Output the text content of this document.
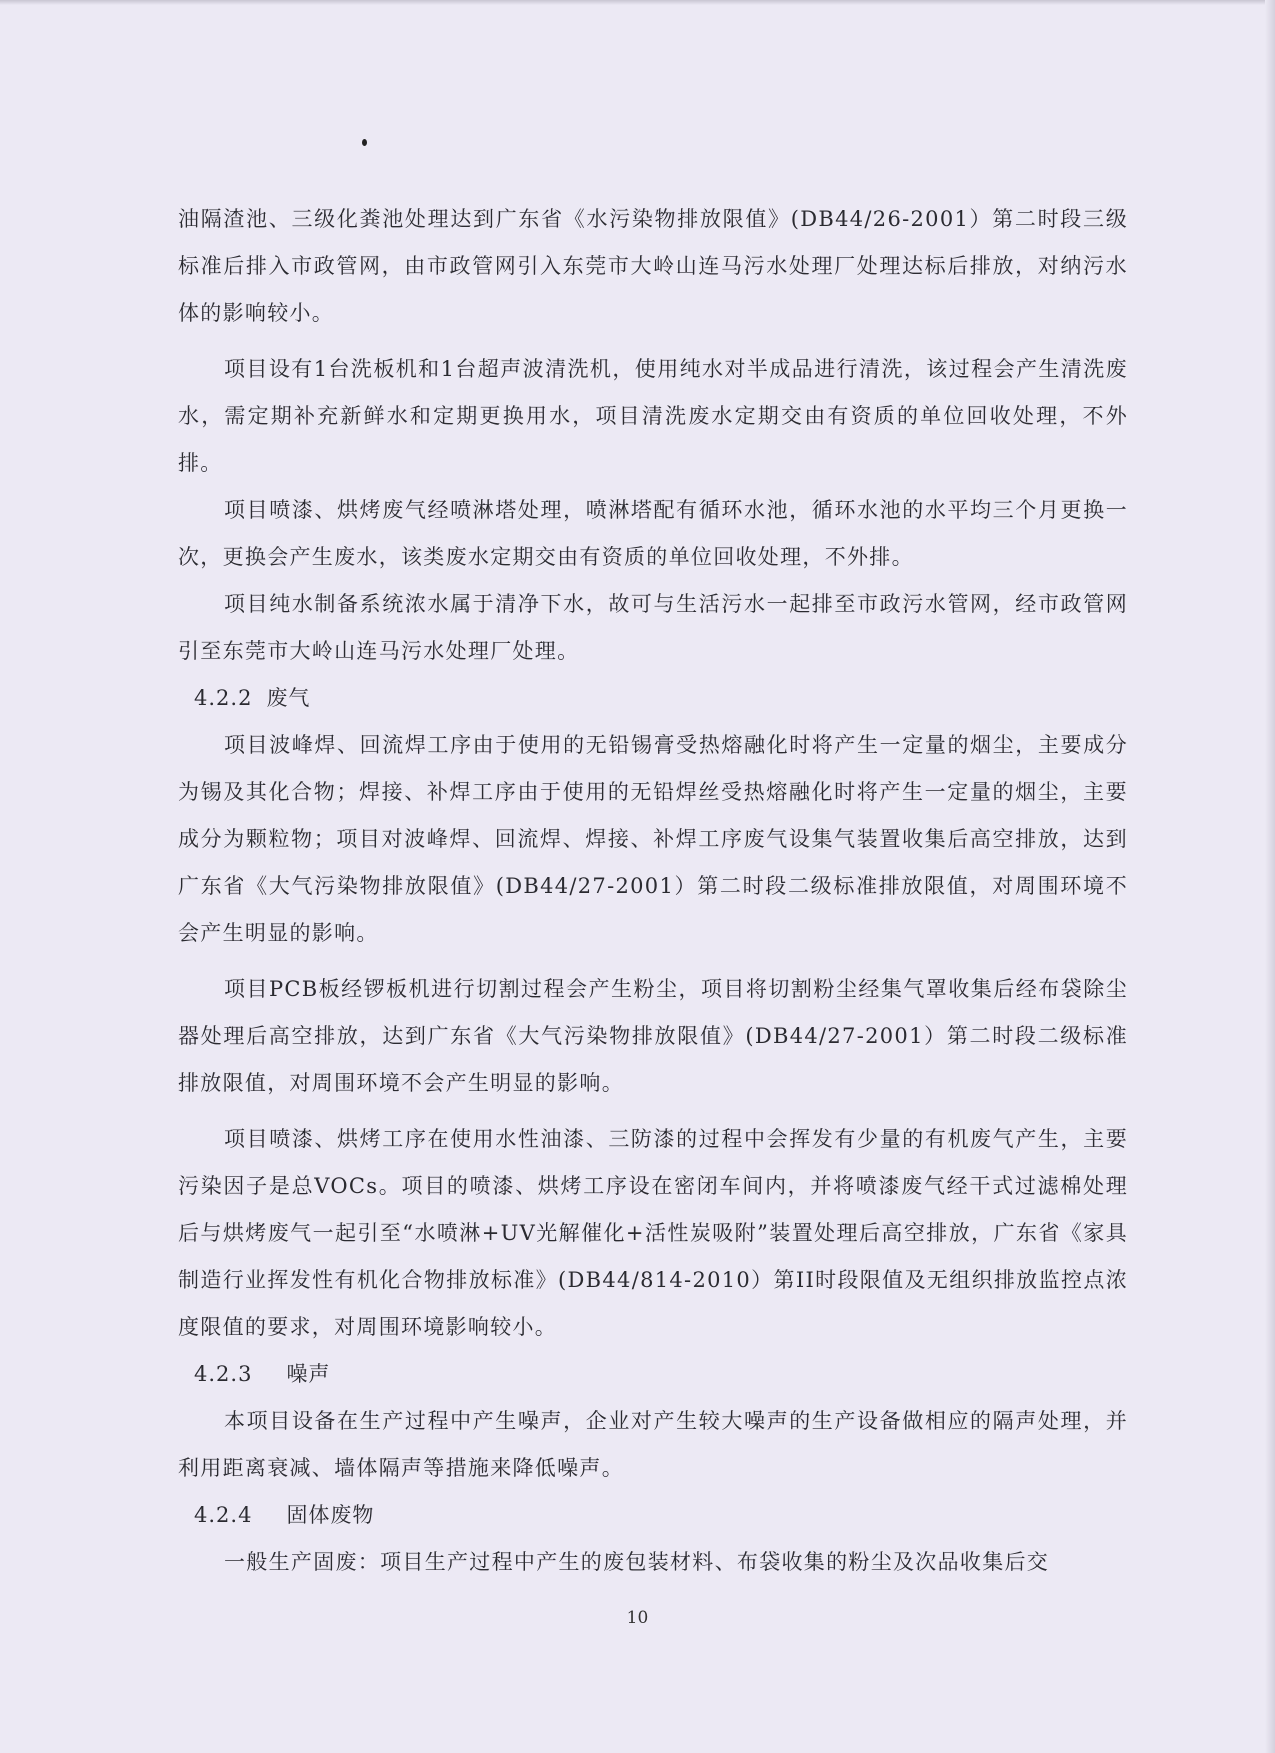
油隔渣池、三级化粪池处理达到广东省《水污染物排放限值》(DB44/26-2001）第二时段三级标准后排入市政管网，由市政管网引入东莞市大岭山连马污水处理厂处理达标后排放，对纳污水体的影响较小。

项目设有1台洗板机和1台超声波清洗机，使用纯水对半成品进行清洗，该过程会产生清洗废水，需定期补充新鲜水和定期更换用水，项目清洗废水定期交由有资质的单位回收处理，不外排。

项目喷漆、烘烤废气经喷淋塔处理，喷淋塔配有循环水池，循环水池的水平均三个月更换一次，更换会产生废水，该类废水定期交由有资质的单位回收处理，不外排。

项目纯水制备系统浓水属于清净下水，故可与生活污水一起排至市政污水管网，经市政管网引至东莞市大岭山连马污水处理厂处理。

4.2.2 废气

项目波峰焊、回流焊工序由于使用的无铅锡膏受热熔融化时将产生一定量的烟尘，主要成分为锡及其化合物；焊接、补焊工序由于使用的无铅焊丝受热熔融化时将产生一定量的烟尘，主要成分为颗粒物；项目对波峰焊、回流焊、焊接、补焊工序废气设集气装置收集后高空排放，达到广东省《大气污染物排放限值》(DB44/27-2001）第二时段二级标准排放限值，对周围环境不会产生明显的影响。

项目PCB板经锣板机进行切割过程会产生粉尘，项目将切割粉尘经集气罩收集后经布袋除尘器处理后高空排放，达到广东省《大气污染物排放限值》(DB44/27-2001）第二时段二级标准排放限值，对周围环境不会产生明显的影响。

项目喷漆、烘烤工序在使用水性油漆、三防漆的过程中会挥发有少量的有机废气产生，主要污染因子是总VOCs。项目的喷漆、烘烤工序设在密闭车间内，并将喷漆废气经干式过滤棉处理后与烘烤废气一起引至“水喷淋+UV光解催化+活性炭吸附”装置处理后高空排放，广东省《家具制造行业挥发性有机化合物排放标准》(DB44/814-2010）第II时段限值及无组织排放监控点浓度限值的要求，对周围环境影响较小。

4.2.3 噪声

本项目设备在生产过程中产生噪声，企业对产生较大噪声的生产设备做相应的隔声处理，并利用距离衰减、墙体隔声等措施来降低噪声。

4.2.4 固体废物

一般生产固废：项目生产过程中产生的废包装材料、布袋收集的粉尘及次品收集后交

10
